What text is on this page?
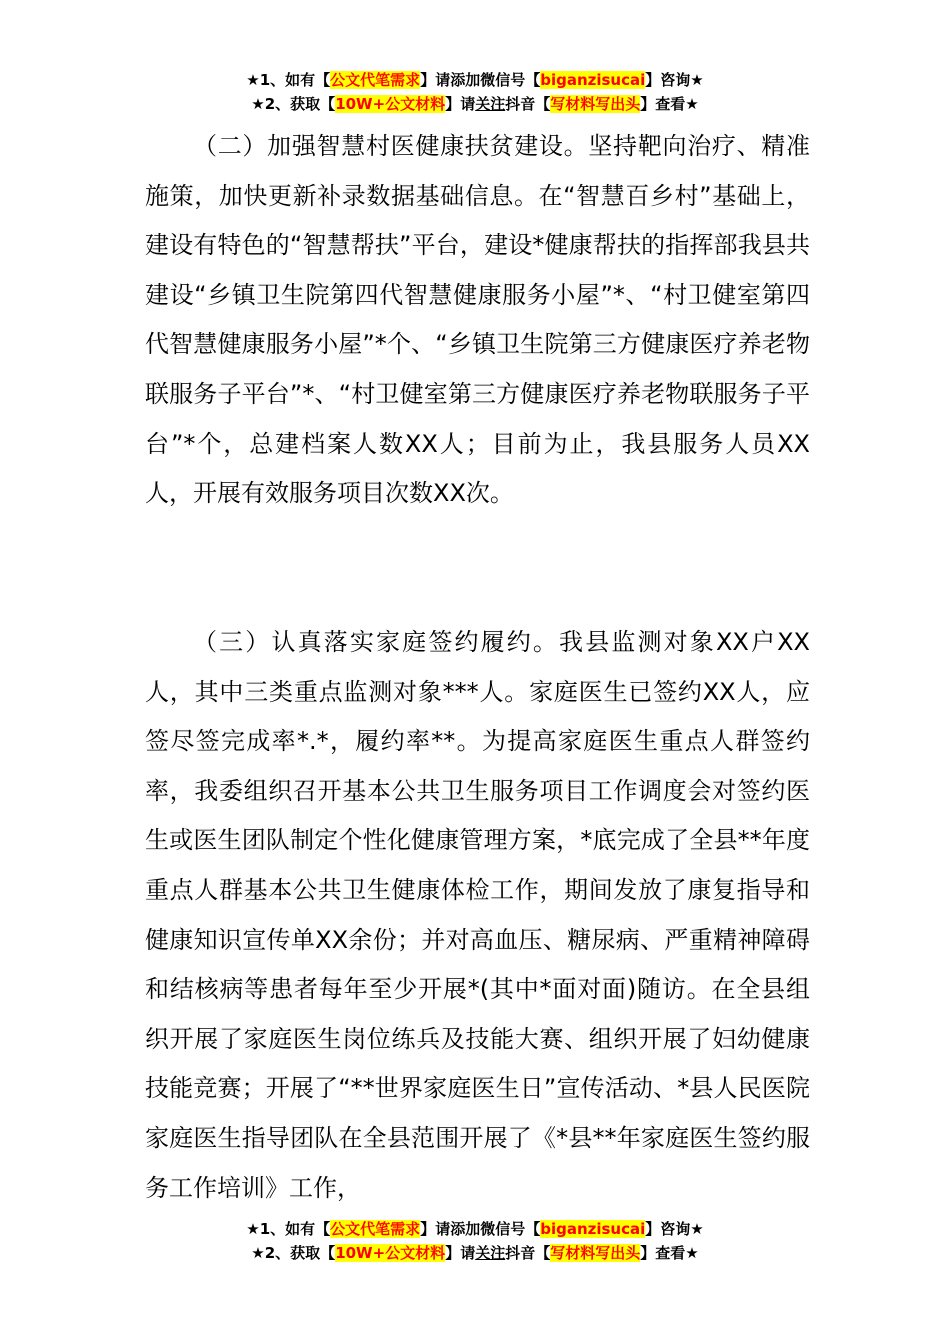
★1、如有【公文代笔需求】请添加微信号【biganzisucai】咨询★
★2、获取【10W+公文材料】请关注抖音【写材料写出头】查看★

（二）加强智慧村医健康扶贫建设。坚持靶向治疗、精准施策，加快更新补录数据基础信息。在“智慧百乡村”基础上，建设有特色的“智慧帮扶”平台，建设*健康帮扶的指挥部我县共建设“乡镇卫生院第四代智慧健康服务小屋”*、“村卫健室第四代智慧健康服务小屋”*个、“乡镇卫生院第三方健康医疗养老物联服务子平台”*、“村卫健室第三方健康医疗养老物联服务子平台”*个，总建档案人数XX人；目前为止，我县服务人员XX人，开展有效服务项目次数XX次。

（三）认真落实家庭签约履约。我县监测对象XX户XX人，其中三类重点监测对象***人。家庭医生已签约XX人，应签尽签完成率*.*，履约率**。为提高家庭医生重点人群签约率，我委组织召开基本公共卫生服务项目工作调度会对签约医生或医生团队制定个性化健康管理方案，*底完成了全县**年度重点人群基本公共卫生健康体检工作，期间发放了康复指导和健康知识宣传单XX余份；并对高血压、糖尿病、严重精神障碍和结核病等患者每年至少开展*(其中*面对面)随访。在全县组织开展了家庭医生岗位练兵及技能大赛、组织开展了妇幼健康技能竞赛；开展了“**世界家庭医生日”宣传活动、*县人民医院家庭医生指导团队在全县范围开展了《*县**年家庭医生签约服务工作培训》工作，

★1、如有【公文代笔需求】请添加微信号【biganzisucai】咨询★
★2、获取【10W+公文材料】请关注抖音【写材料写出头】查看★
